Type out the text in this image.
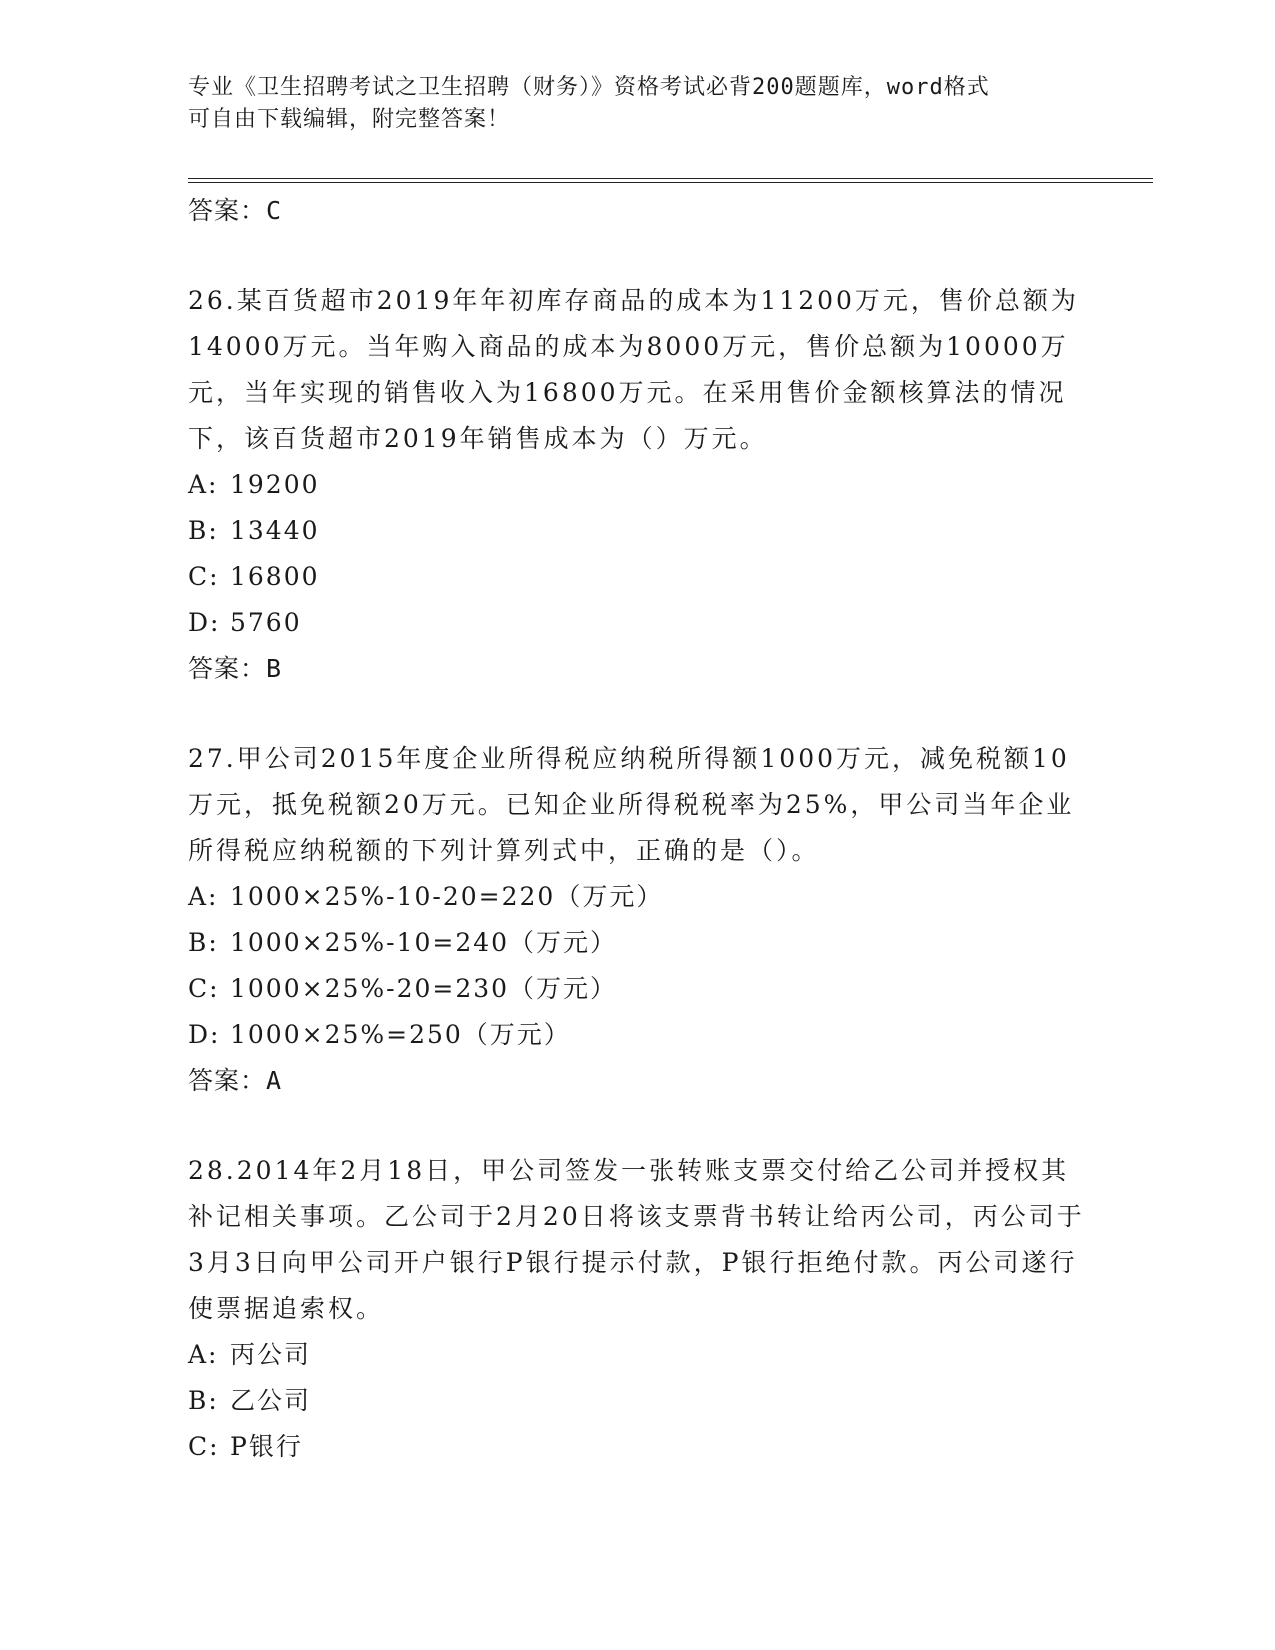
专业《卫生招聘考试之卫生招聘（财务）》资格考试必背200题题库，word格式
可自由下载编辑，附完整答案！
答案：C
26.某百货超市2019年年初库存商品的成本为11200万元，售价总额为14000万元。当年购入商品的成本为8000万元，售价总额为10000万元，当年实现的销售收入为16800万元。在采用售价金额核算法的情况下，该百货超市2019年销售成本为（）万元。
A: 19200
B: 13440
C: 16800
D: 5760
答案：B
27.甲公司2015年度企业所得税应纳税所得额1000万元，减免税额10万元，抵免税额20万元。已知企业所得税税率为25%，甲公司当年企业所得税应纳税额的下列计算列式中，正确的是（）。
A: 1000×25%-10-20=220（万元）
B: 1000×25%-10=240（万元）
C: 1000×25%-20=230（万元）
D: 1000×25%=250（万元）
答案：A
28.2014年2月18日，甲公司签发一张转账支票交付给乙公司并授权其补记相关事项。乙公司于2月20日将该支票背书转让给丙公司，丙公司于3月3日向甲公司开户银行P银行提示付款，P银行拒绝付款。丙公司遂行使票据追索权。
A: 丙公司
B: 乙公司
C: P银行
